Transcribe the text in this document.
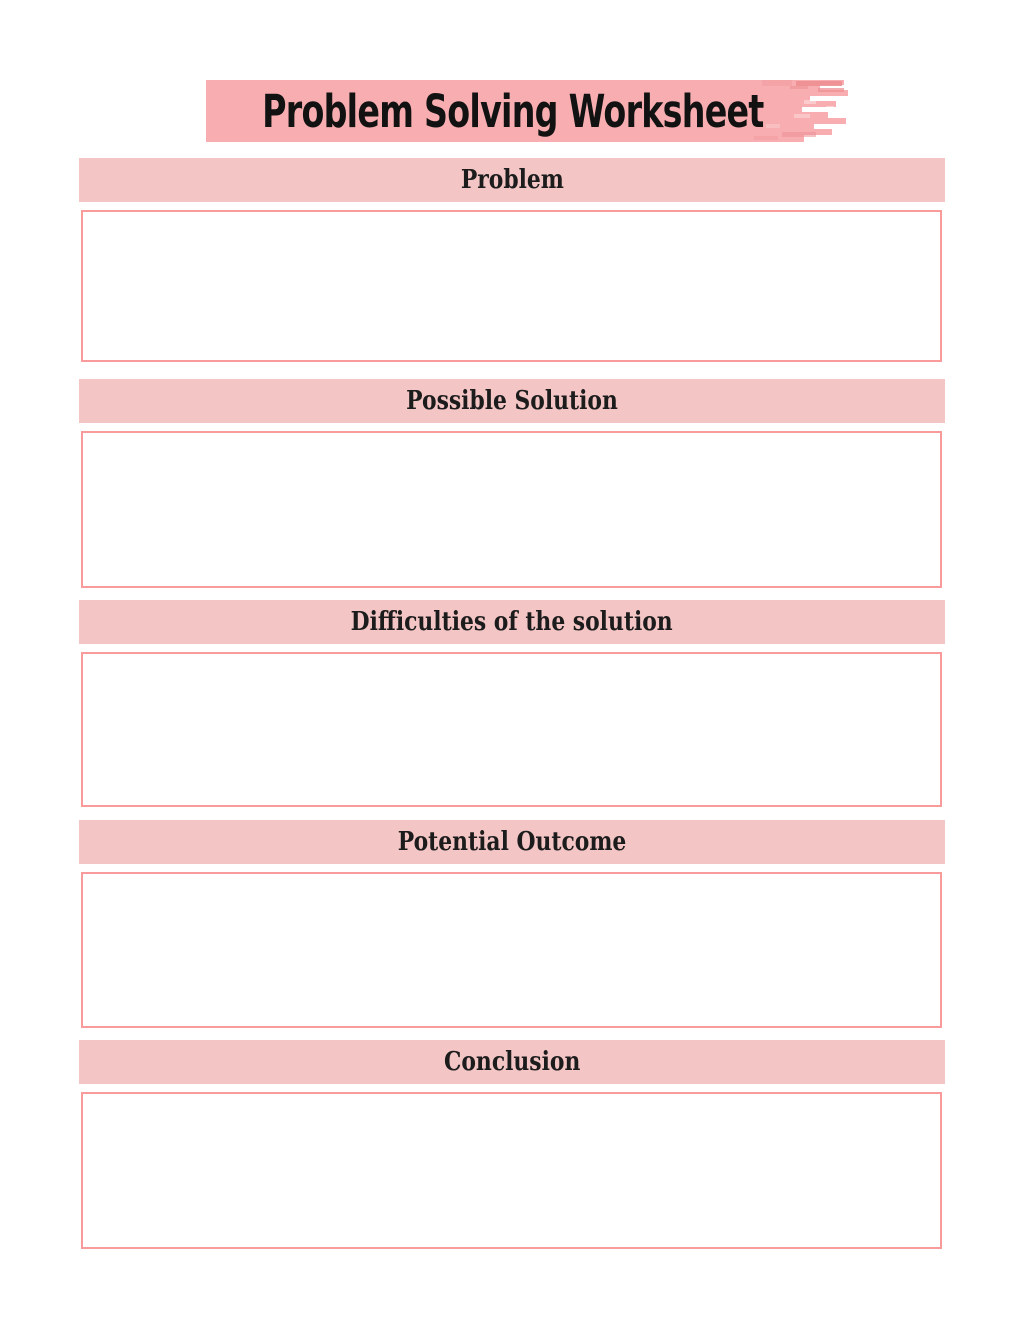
Problem Solving Worksheet
Problem
Possible Solution
Difficulties of the solution
Potential Outcome
Conclusion
